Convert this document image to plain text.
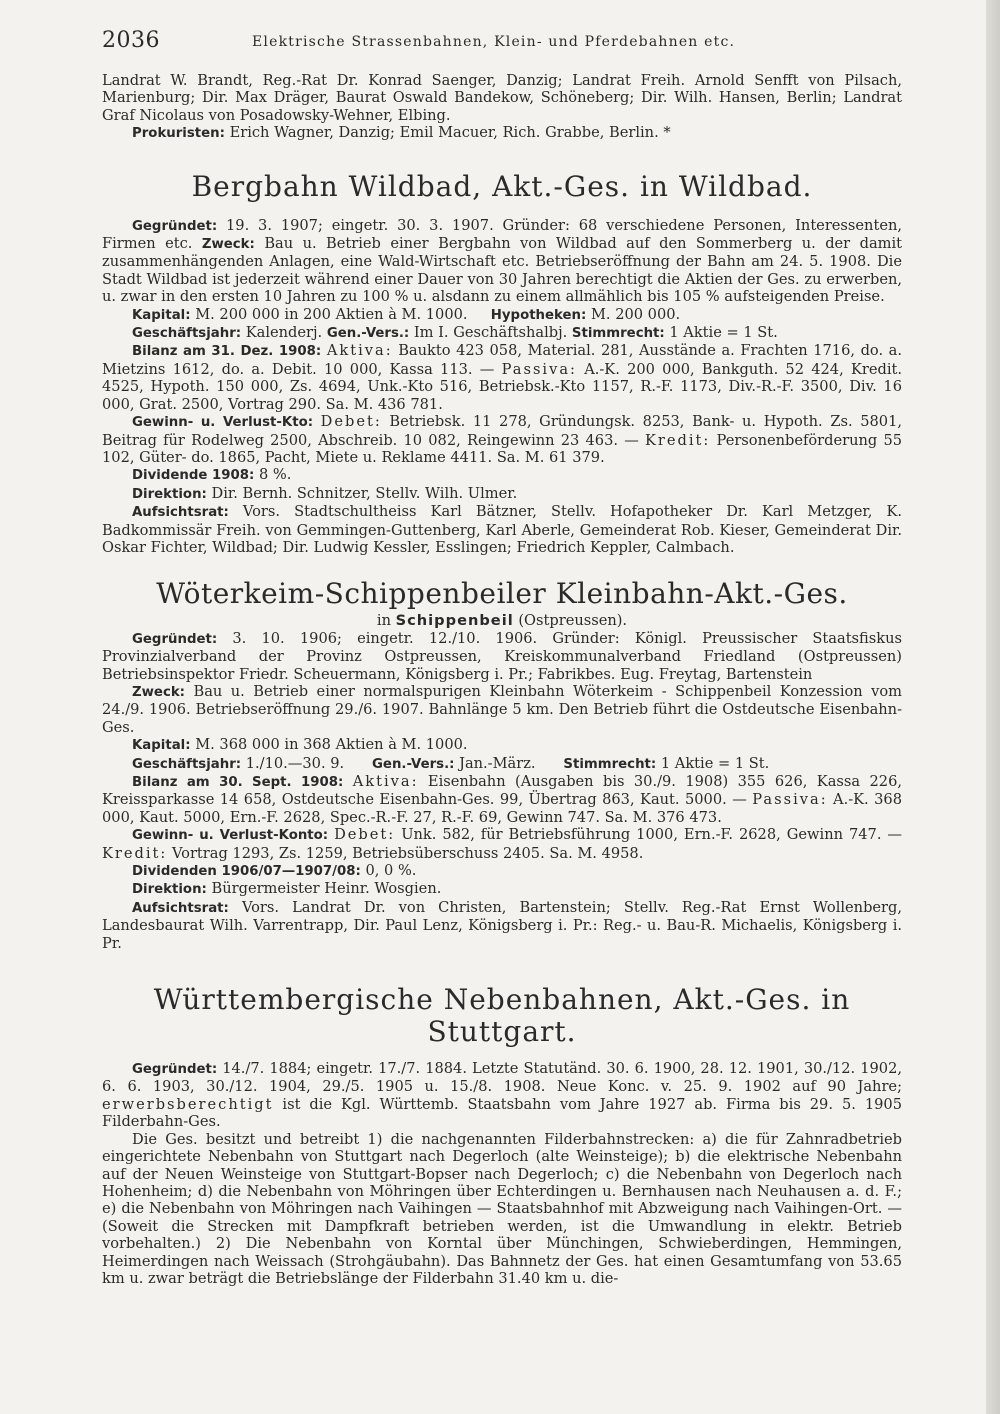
2036	Elektrische Strassenbahnen, Klein- und Pferdebahnen etc.

Landrat W. Brandt, Reg.-Rat Dr. Konrad Saenger, Danzig; Landrat Freih. Arnold Senfft von Pilsach, Marienburg; Dir. Max Dräger, Baurat Oswald Bandekow, Schöneberg; Dir. Wilh. Hansen, Berlin; Landrat Graf Nicolaus von Posadowsky-Wehner, Elbing.

Prokuristen: Erich Wagner, Danzig; Emil Macuer, Rich. Grabbe, Berlin. *

Bergbahn Wildbad, Akt.-Ges. in Wildbad.

Gegründet: 19. 3. 1907; eingetr. 30. 3. 1907. Gründer: 68 verschiedene Personen, Interessenten, Firmen etc. Zweck: Bau u. Betrieb einer Bergbahn von Wildbad auf den Sommerberg u. der damit zusammenhängenden Anlagen, eine Wald-Wirtschaft etc. Betriebseröffnung der Bahn am 24. 5. 1908. Die Stadt Wildbad ist jederzeit während einer Dauer von 30 Jahren berechtigt die Aktien der Ges. zu erwerben, u. zwar in den ersten 10 Jahren zu 100 % u. alsdann zu einem allmählich bis 105 % aufsteigenden Preise.

Kapital: M. 200 000 in 200 Aktien à M. 1000. Hypotheken: M. 200 000.

Geschäftsjahr: Kalenderj. Gen.-Vers.: Im I. Geschäftshalbj. Stimmrecht: 1 Aktie = 1 St.

Bilanz am 31. Dez. 1908: Aktiva: Baukto 423 058, Material. 281, Ausstände a. Frachten 1716, do. a. Mietzins 1612, do. a. Debit. 10 000, Kassa 113. — Passiva: A.-K. 200 000, Bankguth. 52 424, Kredit. 4525, Hypoth. 150 000, Zs. 4694, Unk.-Kto 516, Betriebsk.-Kto 1157, R.-F. 1173, Div.-R.-F. 3500, Div. 16 000, Grat. 2500, Vortrag 290. Sa. M. 436 781.

Gewinn- u. Verlust-Kto: Debet: Betriebsk. 11 278, Gründungsk. 8253, Bank- u. Hypoth. Zs. 5801, Beitrag für Rodelweg 2500, Abschreib. 10 082, Reingewinn 23 463. — Kredit: Personenbeförderung 55 102, Güter- do. 1865, Pacht, Miete u. Reklame 4411. Sa. M. 61 379.

Dividende 1908: 8 %.

Direktion: Dir. Bernh. Schnitzer, Stellv. Wilh. Ulmer.

Aufsichtsrat: Vors. Stadtschultheiss Karl Bätzner, Stellv. Hofapotheker Dr. Karl Metzger, K. Badkommissär Freih. von Gemmingen-Guttenberg, Karl Aberle, Gemeinderat Rob. Kieser, Gemeinderat Dir. Oskar Fichter, Wildbad; Dir. Ludwig Kessler, Esslingen; Friedrich Keppler, Calmbach.

Wöterkeim-Schippenbeiler Kleinbahn-Akt.-Ges.

in Schippenbeil (Ostpreussen).

Gegründet: 3. 10. 1906; eingetr. 12./10. 1906. Gründer: Königl. Preussischer Staatsfiskus Provinzialverband der Provinz Ostpreussen, Kreiskommunalverband Friedland (Ostpreussen) Betriebsinspektor Friedr. Scheuermann, Königsberg i. Pr.; Fabrikbes. Eug. Freytag, Bartenstein

Zweck: Bau u. Betrieb einer normalspurigen Kleinbahn Wöterkeim - Schippenbeil Konzession vom 24./9. 1906. Betriebseröffnung 29./6. 1907. Bahnlänge 5 km. Den Betrieb führt die Ostdeutsche Eisenbahn-Ges.

Kapital: M. 368 000 in 368 Aktien à M. 1000.

Geschäftsjahr: 1./10.—30. 9. Gen.-Vers.: Jan.-März. Stimmrecht: 1 Aktie = 1 St.

Bilanz am 30. Sept. 1908: Aktiva: Eisenbahn (Ausgaben bis 30./9. 1908) 355 626, Kassa 226, Kreissparkasse 14 658, Ostdeutsche Eisenbahn-Ges. 99, Übertrag 863, Kaut. 5000. — Passiva: A.-K. 368 000, Kaut. 5000, Ern.-F. 2628, Spec.-R.-F. 27, R.-F. 69, Gewinn 747. Sa. M. 376 473.

Gewinn- u. Verlust-Konto: Debet: Unk. 582, für Betriebsführung 1000, Ern.-F. 2628, Gewinn 747. — Kredit: Vortrag 1293, Zs. 1259, Betriebsüberschuss 2405. Sa. M. 4958.

Dividenden 1906/07—1907/08: 0, 0 %.

Direktion: Bürgermeister Heinr. Wosgien.

Aufsichtsrat: Vors. Landrat Dr. von Christen, Bartenstein; Stellv. Reg.-Rat Ernst Wollenberg, Landesbaurat Wilh. Varrentrapp, Dir. Paul Lenz, Königsberg i. Pr.: Reg.- u. Bau-R. Michaelis, Königsberg i. Pr.

Württembergische Nebenbahnen, Akt.-Ges. in Stuttgart.

Gegründet: 14./7. 1884; eingetr. 17./7. 1884. Letzte Statutänd. 30. 6. 1900, 28. 12. 1901, 30./12. 1902, 6. 6. 1903, 30./12. 1904, 29./5. 1905 u. 15./8. 1908. Neue Konc. v. 25. 9. 1902 auf 90 Jahre; erwerbsberechtigt ist die Kgl. Württemb. Staatsbahn vom Jahre 1927 ab. Firma bis 29. 5. 1905 Filderbahn-Ges.

Die Ges. besitzt und betreibt 1) die nachgenannten Filderbahnstrecken: a) die für Zahnradbetrieb eingerichtete Nebenbahn von Stuttgart nach Degerloch (alte Weinsteige); b) die elektrische Nebenbahn auf der Neuen Weinsteige von Stuttgart-Bopser nach Degerloch; c) die Nebenbahn von Degerloch nach Hohenheim; d) die Nebenbahn von Möhringen über Echterdingen u. Bernhausen nach Neuhausen a. d. F.; e) die Nebenbahn von Möhringen nach Vaihingen — Staatsbahnhof mit Abzweigung nach Vaihingen-Ort. — (Soweit die Strecken mit Dampfkraft betrieben werden, ist die Umwandlung in elektr. Betrieb vorbehalten.) 2) Die Nebenbahn von Korntal über Münchingen, Schwieberdingen, Hemmingen, Heimerdingen nach Weissach (Strohgäubahn). Das Bahnnetz der Ges. hat einen Gesamtumfang von 53.65 km u. zwar beträgt die Betriebslänge der Filderbahn 31.40 km u. die-
